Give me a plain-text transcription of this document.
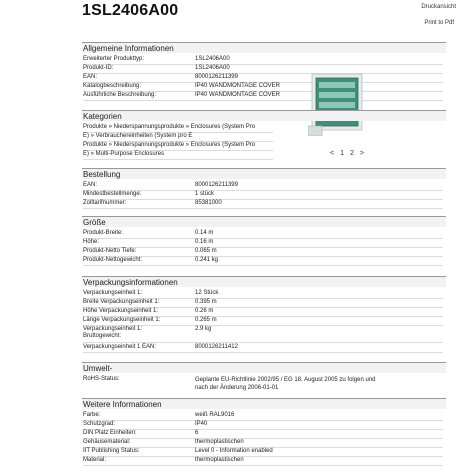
1SL2406A00	Druckansicht
Print to Pdf
Allgemeine Informationen
Erweiterter Produkttyp:	1SL2406A00
Produkt-ID:	1SL2406A00
EAN:	8000126211399
Katalogbeschreibung:	IP40 WANDMONTAGE COVER
Ausführliche Beschreibung:	IP40 WANDMONTAGE COVER
< 1 2 >
Kategorien
Produkte » Niederspannungsprodukte » Enclosures (System Pro
E) » Verbrauchereinheiten (System pro E
Produkte » Niederspannungsprodukte » Enclosures (System Pro
E) » Multi-Purpose Enclosures
Bestellung
EAN:	8000126211399
Mindestbestellmenge:	1 stück
Zolltarifnummer:	85381000
Größe
Produkt-Breite:	0.14 m
Höhe:	0.16 m
Produkt-Netto Tiefe:	0.065 m
Produkt-Nettogewicht:	0.241 kg
Verpackungsinformationen
Verpackungseinheit 1:	12 Stück
Breite Verpackungseinheit 1:	0.395 m
Höhe Verpackungseinheit 1:	0.26 m
Länge Verpackungseinheit 1:	0.265 m
Verpackungseinheit 1: Bruttogewicht:
2.9 kg
Verpackungseinheit 1 EAN:	8000126211412
Umwelt-
RoHS-Status:	Geplante EU-Richtlinie 2002/95 / EG 18. August 2005 zu folgen und
nach der Änderung 2006-01-01
Weitere Informationen
Farbe:	weiß RAL9016
Schutzgrad:	IP40
DIN Platz Einheiten:	6
Gehäusematerial:	thermoplastischen
IIT Publishing Status:	Level 0 - Information enabled
Material:	thermoplastischen
